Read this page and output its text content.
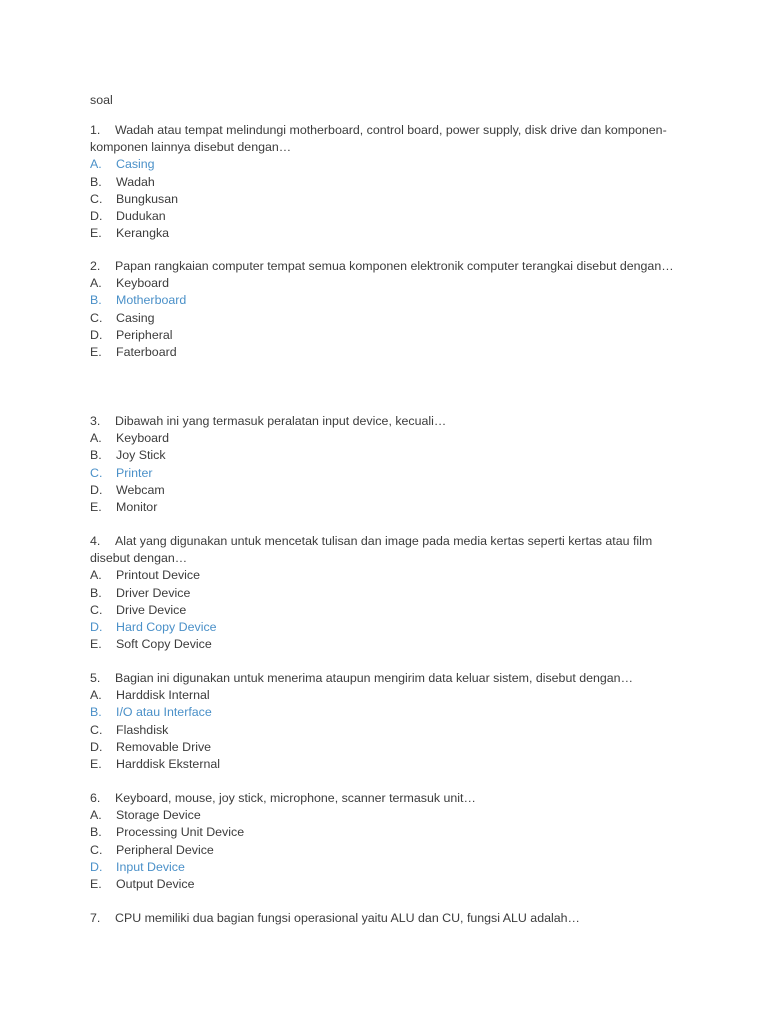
soal

1. Wadah atau tempat melindungi motherboard, control board, power supply, disk drive dan komponen-komponen lainnya disebut dengan…

A. Casing
B. Wadah
C. Bungkusan
D. Dudukan
E. Kerangka

2. Papan rangkaian computer tempat semua komponen elektronik computer terangkai disebut dengan…

A. Keyboard
B. Motherboard
C. Casing
D. Peripheral
E. Faterboard

3. Dibawah ini yang termasuk peralatan input device, kecuali…

A. Keyboard
B. Joy Stick
C. Printer
D. Webcam
E. Monitor

4. Alat yang digunakan untuk mencetak tulisan dan image pada media kertas seperti kertas atau film disebut dengan…

A. Printout Device
B. Driver Device
C. Drive Device
D. Hard Copy Device
E. Soft Copy Device

5. Bagian ini digunakan untuk menerima ataupun mengirim data keluar sistem, disebut dengan…

A. Harddisk Internal
B. I/O atau Interface
C. Flashdisk
D. Removable Drive
E. Harddisk Eksternal

6. Keyboard, mouse, joy stick, microphone, scanner termasuk unit…

A. Storage Device
B. Processing Unit Device
C. Peripheral Device
D. Input Device
E. Output Device

7. CPU memiliki dua bagian fungsi operasional yaitu ALU dan CU, fungsi ALU adalah…
